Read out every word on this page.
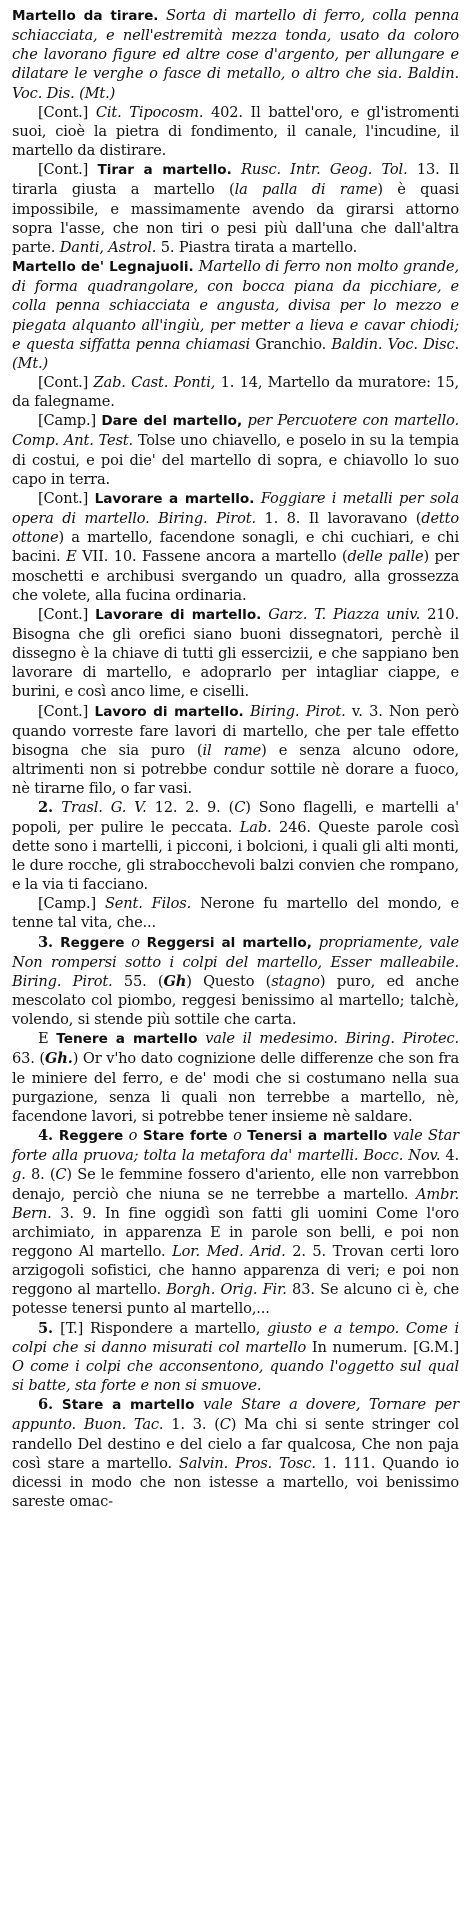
Martello da tirare. Sorta di martello di ferro, colla penna schiacciata, e nell'estremità mezza tonda, usato da coloro che lavorano figure ed altre cose d'argento, per allungare e dilatare le verghe o fasce di metallo, o altro che sia. Baldin. Voc. Dis. (Mt.)

[Cont.] Cit. Tipocosm. 402. Il battel'oro, e gl'istromenti suoi, cioè la pietra di fondimento, il canale, l'incudine, il martello da distirare.

[Cont.] Tirar a martello. Rusc. Intr. Geog. Tol. 13. Il tirarla giusta a martello (la palla di rame) è quasi impossibile, e massimamente avendo da girarsi attorno sopra l'asse, che non tiri o pesi più dall'una che dall'altra parte. Danti, Astrol. 5. Piastra tirata a martello.

Martello de' Legnajuoli. Martello di ferro non molto grande, di forma quadrangolare, con bocca piana da picchiare, e colla penna schiacciata e angusta, divisa per lo mezzo e piegata alquanto all'ingiù, per metter a lieva e cavar chiodi; e questa siffatta penna chiamasi Granchio. Baldin. Voc. Disc. (Mt.)

[Cont.] Zab. Cast. Ponti, 1. 14, Martello da muratore: 15, da falegname.

[Camp.] Dare del martello, per Percuotere con martello. Comp. Ant. Test. Tolse uno chiavello, e poselo in su la tempia di costui, e poi die' del martello di sopra, e chiavollo lo suo capo in terra.

[Cont.] Lavorare a martello. Foggiare i metalli per sola opera di martello. Biring. Pirot. 1. 8. Il lavoravano (detto ottone) a martello, facendone sonagli, e chi cuchiari, e chi bacini. E VII. 10. Fassene ancora a martello (delle palle) per moschetti e archibusi svergando un quadro, alla grossezza che volete, alla fucina ordinaria.

[Cont.] Lavorare di martello. Garz. T. Piazza univ. 210. Bisogna che gli orefici siano buoni dissegnatori, perchè il dissegno è la chiave di tutti gli essercizii, e che sappiano ben lavorare di martello, e adoprarlo per intagliar ciappe, e burini, e così anco lime, e ciselli.

[Cont.] Lavoro di martello. Biring. Pirot. v. 3. Non però quando vorreste fare lavori di martello, che per tale effetto bisogna che sia puro (il rame) e senza alcuno odore, altrimenti non si potrebbe condur sottile nè dorare a fuoco, nè tirarne filo, o far vasi.

2. Trasl. G. V. 12. 2. 9. (C) Sono flagelli, e martelli a' popoli, per pulire le peccata. Lab. 246. Queste parole così dette sono i martelli, i picconi, i bolcioni, i quali gli alti monti, le dure rocche, gli strabocchevoli balzi convien che rompano, e la via ti facciano.

[Camp.] Sent. Filos. Nerone fu martello del mondo, e tenne tal vita, che...

3. Reggere o Reggersi al martello, propriamente, vale Non rompersi sotto i colpi del martello, Esser malleabile. Biring. Pirot. 55. (Gh) Questo (stagno) puro, ed anche mescolato col piombo, reggesi benissimo al martello; talchè, volendo, si stende più sottile che carta.

E Tenere a martello vale il medesimo. Biring. Pirotec. 63. (Gh.) Or v'ho dato cognizione delle differenze che son fra le miniere del ferro, e de' modi che si costumano nella sua purgazione, senza li quali non terrebbe a martello, nè, facendone lavori, si potrebbe tener insieme nè saldare.

4. Reggere o Stare forte o Tenersi a martello vale Star forte alla pruova; tolta la metafora da' martelli. Bocc. Nov. 4. g. 8. (C) Se le femmine fossero d'ariento, elle non varrebbon denajo, perciò che niuna se ne terrebbe a martello. Ambr. Bern. 3. 9. In fine oggidì son fatti gli uomini Come l'oro archimiato, in apparenza E in parole son belli, e poi non reggono Al martello. Lor. Med. Arid. 2. 5. Trovan certi loro arzigogoli sofistici, che hanno apparenza di veri; e poi non reggono al martello. Borgh. Orig. Fir. 83. Se alcuno ci è, che potesse tenersi punto al martello,...

5. [T.] Rispondere a martello, giusto e a tempo. Come i colpi che si danno misurati col martello In numerum. [G.M.] O come i colpi che acconsentono, quando l'oggetto sul qual si batte, sta forte e non si smuove.

6. Stare a martello vale Stare a dovere, Tornare per appunto. Buon. Tac. 1. 3. (C) Ma chi si sente stringer col randello Del destino e del cielo a far qualcosa, Che non paja così stare a martello. Salvin. Pros. Tosc. 1. 111. Quando io dicessi in modo che non istesse a martello, voi benissimo sareste omac-
